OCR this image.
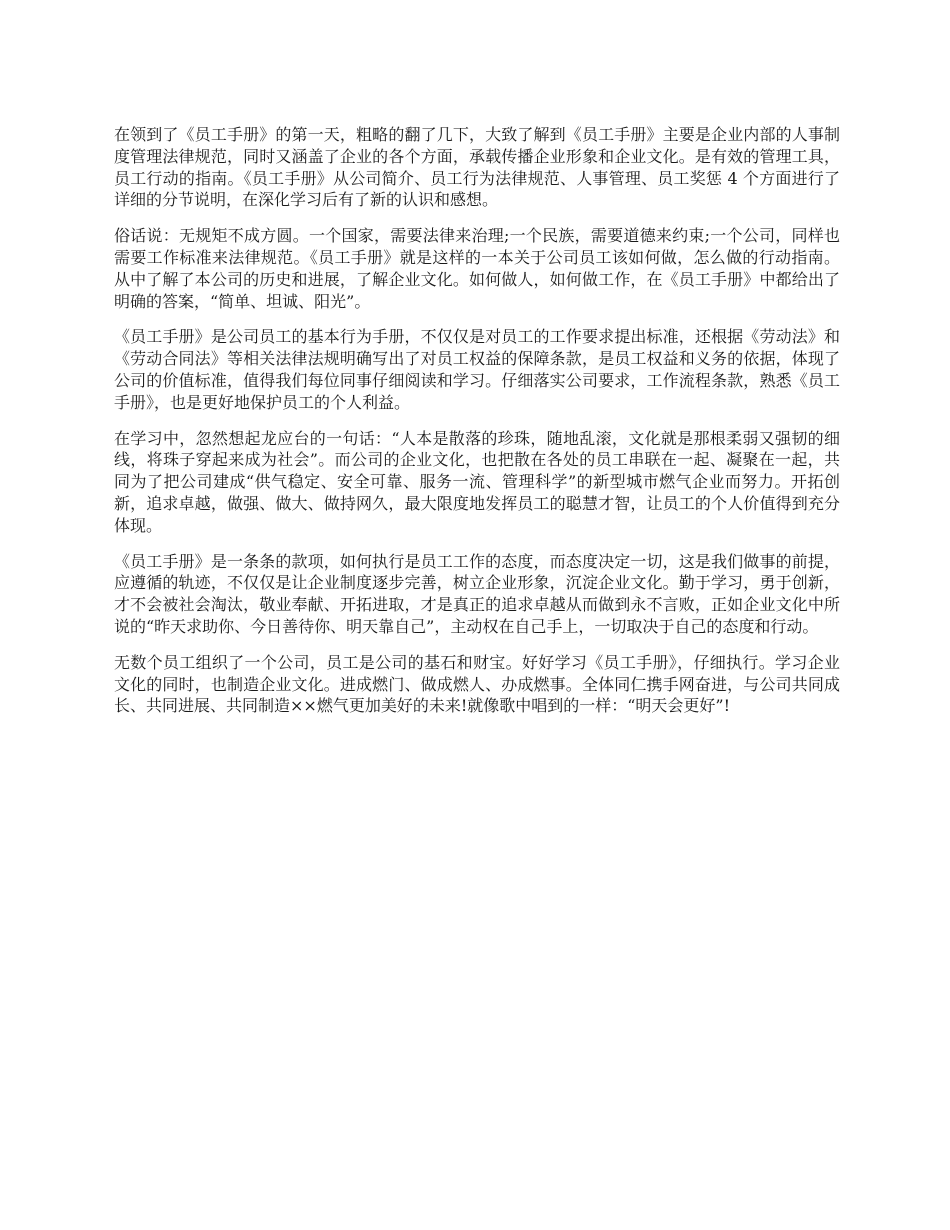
在领到了《员工手册》的第一天，粗略的翻了几下，大致了解到《员工手册》主要是企业内部的人事制度管理法律规范，同时又涵盖了企业的各个方面，承载传播企业形象和企业文化。是有效的管理工具，员工行动的指南。《员工手册》从公司简介、员工行为法律规范、人事管理、员工奖惩 4 个方面进行了详细的分节说明，在深化学习后有了新的认识和感想。

俗话说：无规矩不成方圆。一个国家，需要法律来治理;一个民族，需要道德来约束;一个公司，同样也需要工作标准来法律规范。《员工手册》就是这样的一本关于公司员工该如何做，怎么做的行动指南。从中了解了本公司的历史和进展，了解企业文化。如何做人，如何做工作，在《员工手册》中都给出了明确的答案，“简单、坦诚、阳光”。

《员工手册》是公司员工的基本行为手册，不仅仅是对员工的工作要求提出标准，还根据《劳动法》和《劳动合同法》等相关法律法规明确写出了对员工权益的保障条款，是员工权益和义务的依据，体现了公司的价值标准，值得我们每位同事仔细阅读和学习。仔细落实公司要求，工作流程条款，熟悉《员工手册》，也是更好地保护员工的个人利益。

在学习中，忽然想起龙应台的一句话：“人本是散落的珍珠，随地乱滚，文化就是那根柔弱又强韧的细线，将珠子穿起来成为社会”。而公司的企业文化，也把散在各处的员工串联在一起、凝聚在一起，共同为了把公司建成“供气稳定、安全可靠、服务一流、管理科学”的新型城市燃气企业而努力。开拓创新，追求卓越，做强、做大、做持网久，最大限度地发挥员工的聪慧才智，让员工的个人价值得到充分体现。

《员工手册》是一条条的款项，如何执行是员工工作的态度，而态度决定一切，这是我们做事的前提，应遵循的轨迹，不仅仅是让企业制度逐步完善，树立企业形象，沉淀企业文化。勤于学习，勇于创新，才不会被社会淘汰，敬业奉献、开拓进取，才是真正的追求卓越从而做到永不言败，正如企业文化中所说的“昨天求助你、今日善待你、明天靠自己”，主动权在自己手上，一切取决于自己的态度和行动。

无数个员工组织了一个公司，员工是公司的基石和财宝。好好学习《员工手册》，仔细执行。学习企业文化的同时，也制造企业文化。进成燃门、做成燃人、办成燃事。全体同仁携手网奋进，与公司共同成长、共同进展、共同制造××燃气更加美好的未来!就像歌中唱到的一样：“明天会更好”!
